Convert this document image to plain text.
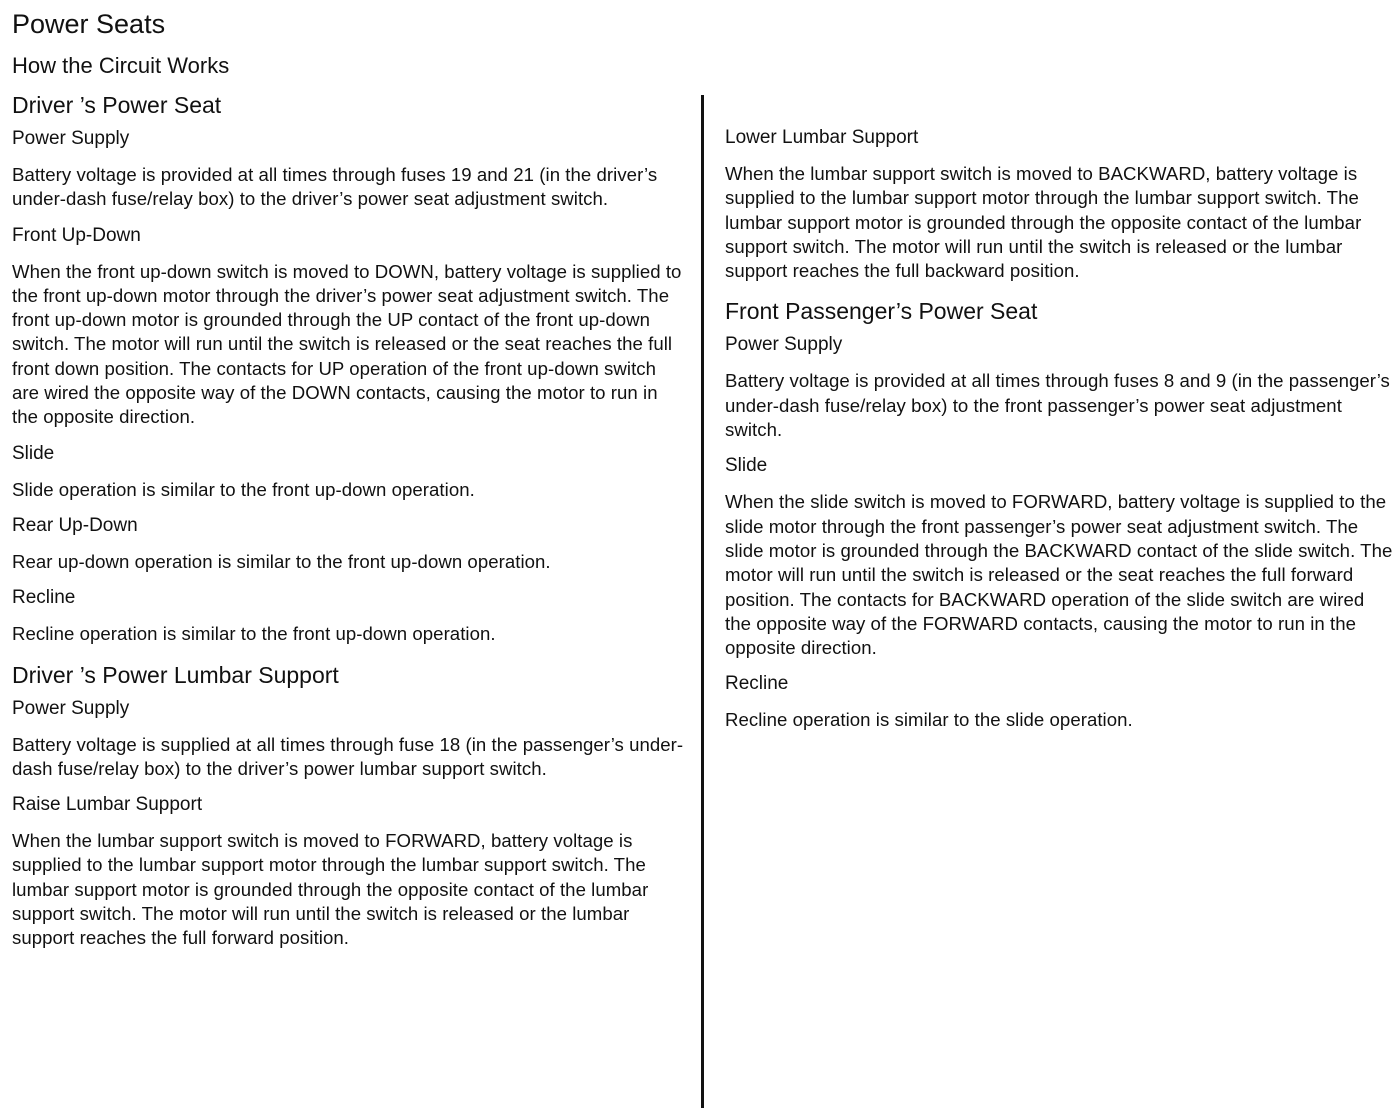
Power Seats
How the Circuit Works
Driver ’s Power Seat
Power Supply

Battery voltage is provided at all times through fuses 19 and 21 (in the driver’s under-dash fuse/relay box) to the driver’s power seat adjustment switch.

Front Up-Down

When the front up-down switch is moved to DOWN, battery voltage is supplied to the front up-down motor through the driver’s power seat adjustment switch. The front up-down motor is grounded through the UP contact of the front up-down switch. The motor will run until the switch is released or the seat reaches the full front down position. The contacts for UP operation of the front up-down switch are wired the opposite way of the DOWN contacts, causing the motor to run in the opposite direction.

Slide

Slide operation is similar to the front up-down operation.

Rear Up-Down

Rear up-down operation is similar to the front up-down operation.

Recline

Recline operation is similar to the front up-down operation.

Driver ’s Power Lumbar Support
Power Supply

Battery voltage is supplied at all times through fuse 18 (in the passenger’s under-dash fuse/relay box) to the driver’s power lumbar support switch.

Raise Lumbar Support

When the lumbar support switch is moved to FORWARD, battery voltage is supplied to the lumbar support motor through the lumbar support switch. The lumbar support motor is grounded through the opposite contact of the lumbar support switch. The motor will run until the switch is released or the lumbar support reaches the full forward position.

Lower Lumbar Support

When the lumbar support switch is moved to BACKWARD, battery voltage is supplied to the lumbar support motor through the lumbar support switch. The lumbar support motor is grounded through the opposite contact of the lumbar support switch. The motor will run until the switch is released or the lumbar support reaches the full backward position.

Front Passenger’s Power Seat
Power Supply

Battery voltage is provided at all times through fuses 8 and 9 (in the passenger’s under-dash fuse/relay box) to the front passenger’s power seat adjustment switch.

Slide

When the slide switch is moved to FORWARD, battery voltage is supplied to the slide motor through the front passenger’s power seat adjustment switch. The slide motor is grounded through the BACKWARD contact of the slide switch. The motor will run until the switch is released or the seat reaches the full forward position. The contacts for BACKWARD operation of the slide switch are wired the opposite way of the FORWARD contacts, causing the motor to run in the opposite direction.

Recline

Recline operation is similar to the slide operation.
